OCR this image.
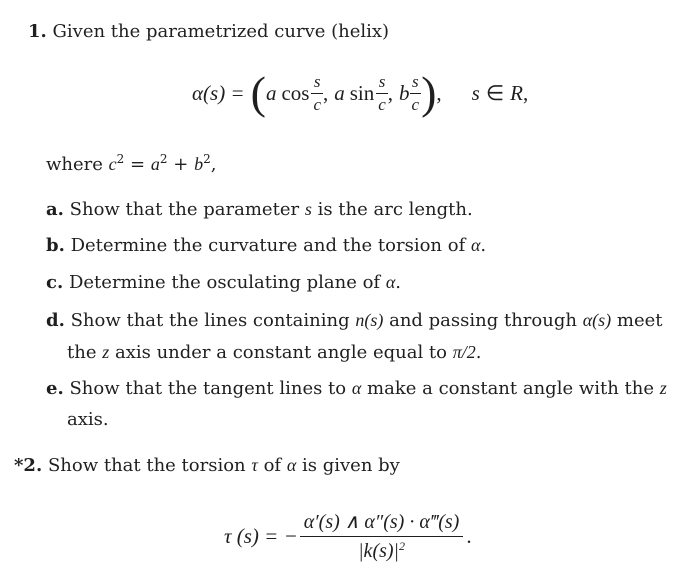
1. Given the parametrized curve (helix)
α(s) = ( a $\cos \frac{s}{c}$ , a $\sin \frac{s}{c}$ , b $\frac{s}{c}$ ) , s ∈ R ,
where $c^2 = a^2 + b^2$,
a. Show that the parameter s is the arc length.
b. Determine the curvature and the torsion of α.
c. Determine the osculating plane of α.
d. Show that the lines containing n(s) and passing through α(s) meet
the z axis under a constant angle equal to π/2.
e. Show that the tangent lines to α make a constant angle with the z
axis.
*2. Show that the torsion τ of α is given by
τ (s) = − $\frac{\alpha'(s) \wedge \alpha''(s) \cdot \alpha‴(s)}{|k(s)|^2}$ .
